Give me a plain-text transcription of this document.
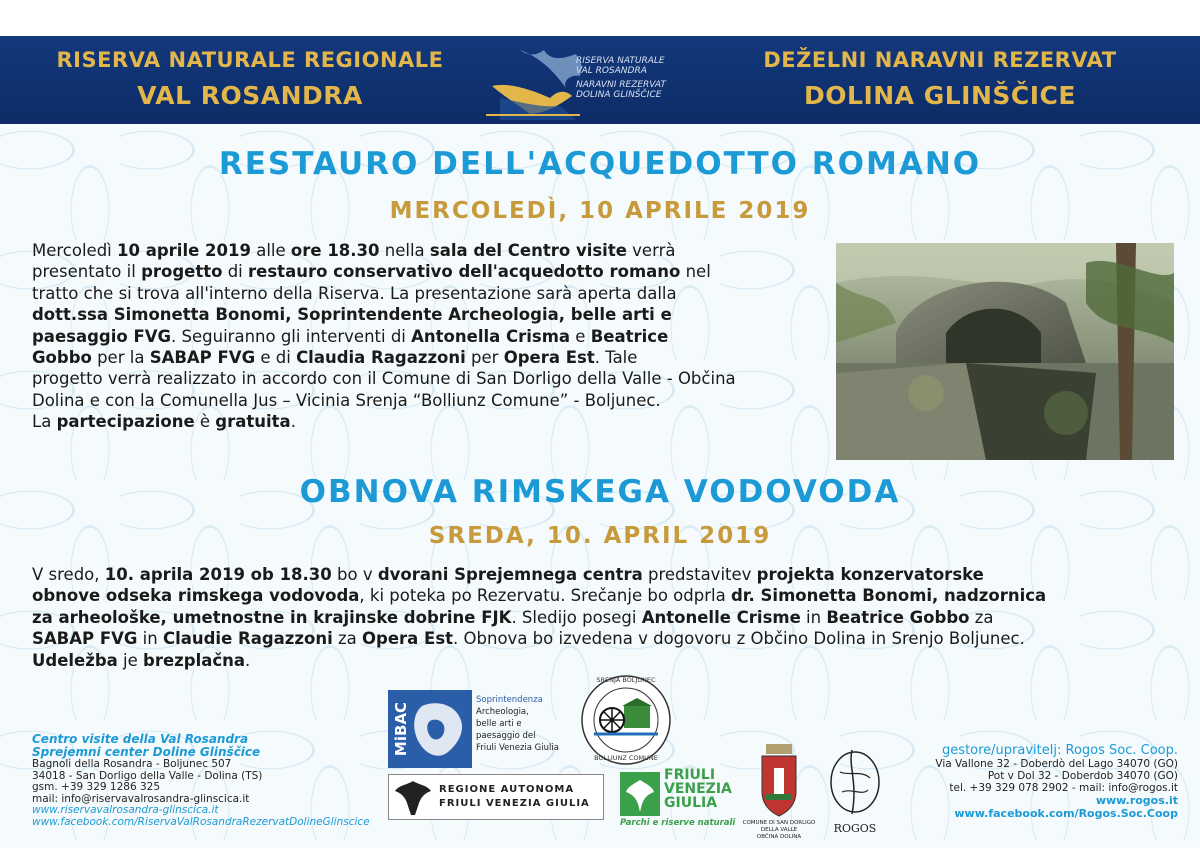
RISERVA NATURALE REGIONALE
VAL ROSANDRA
RISERVA NATURALE
VAL ROSANDRA
NARAVNI REZERVAT
DOLINA GLINŠČICE
DEŽELNI NARAVNI REZERVAT
DOLINA GLINŠČICE
RESTAURO DELL'ACQUEDOTTO ROMANO
MERCOLEDÌ, 10 APRILE 2019
Mercoledì 10 aprile 2019 alle ore 18.30 nella sala del Centro visite verrà
presentato il progetto di restauro conservativo dell'acquedotto romano nel
tratto che si trova all'interno della Riserva. La presentazione sarà aperta dalla
dott.ssa Simonetta Bonomi, Soprintendente Archeologia, belle arti e
paesaggio FVG. Seguiranno gli interventi di Antonella Crisma e Beatrice
Gobbo per la SABAP FVG e di Claudia Ragazzoni per Opera Est. Tale
progetto verrà realizzato in accordo con il Comune di San Dorligo della Valle - Občina
Dolina e con la Comunella Jus – Vicinia Srenja “Bolliunz Comune” - Boljunec.
La partecipazione è gratuita.
OBNOVA RIMSKEGA VODOVODA
SREDA, 10. APRIL 2019
V sredo, 10. aprila 2019 ob 18.30 bo v dvorani Sprejemnega centra predstavitev projekta konzervatorske
obnove odseka rimskega vodovoda, ki poteka po Rezervatu. Srečanje bo odprla dr. Simonetta Bonomi, nadzornica
za arheološke, umetnostne in krajinske dobrine FJK. Sledijo posegi Antonelle Crisme in Beatrice Gobbo za
SABAP FVG in Claudie Ragazzoni za Opera Est. Obnova bo izvedena v dogovoru z Občino Dolina in Srenjo Boljunec.
Udeležba je brezplačna.
Centro visite della Val Rosandra
Sprejemni center Doline Glinščice
Bagnoli della Rosandra - Boljunec 507
34018 - San Dorligo della Valle - Dolina (TS)
gsm. +39 329 1286 325
mail: info@riservavalrosandra-glinscica.it
www.riservavalrosandra-glinscica.it
www.facebook.com/RiservaValRosandraRezervatDolineGlinscice
gestore/upravitelj: Rogos Soc. Coop.
Via Vallone 32 - Doberdò del Lago 34070 (GO)
Pot v Dol 32 - Doberdob 34070 (GO)
tel. +39 329 078 2902 - mail: info@rogos.it
www.rogos.it
www.facebook.com/Rogos.Soc.Coop
MiBAC
Soprintendenza
Archeologia,
belle arti e
paesaggio del
Friuli Venezia Giulia
SRENJA BOLJUNEC
BOLLIUNZ COMUNE
REGIONE AUTONOMA
FRIULI VENEZIA GIULIA
FRIULI
VENEZIA
GIULIA
Parchi e riserve naturali	COMUNE DI SAN DORLIGO
DELLA VALLE
OBČINA DOLINA
ROGOS
